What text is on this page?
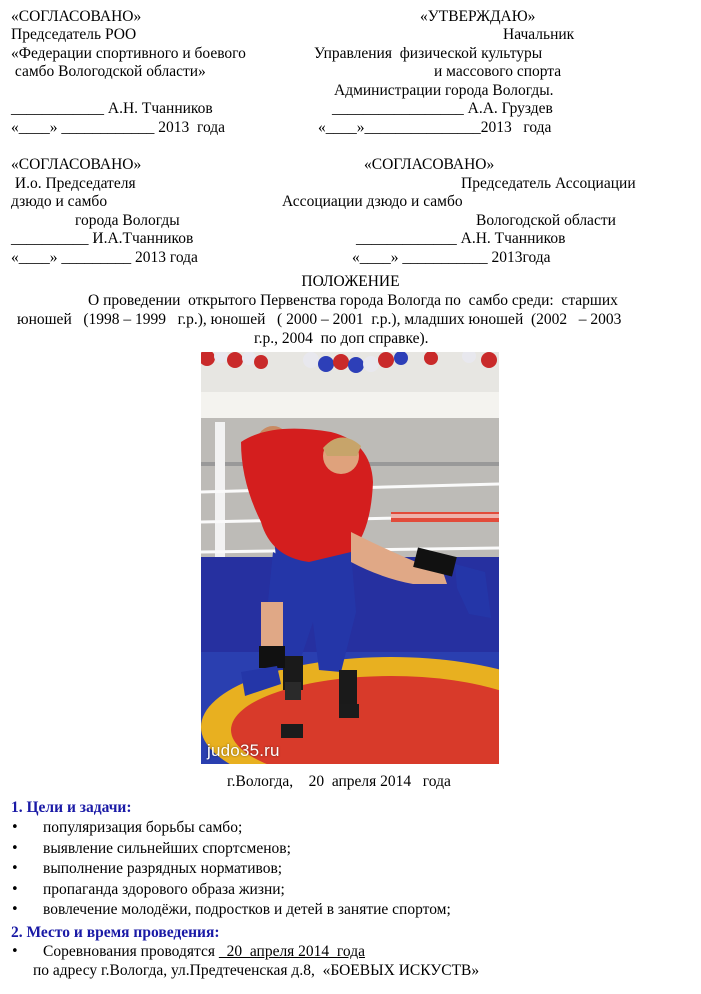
«СОГЛАСОВАНО»
Председатель РОО
«Федерации спортивного и боевого
самбо Вологодской области»
____________ А.Н. Тчанников
«____» ____________ 2013  года
«УТВЕРЖДАЮ»
Начальник
Управления  физической культуры
и массового спорта
Администрации города Вологды.
_________________ А.А. Груздев
«____»_______________2013   года
«СОГЛАСОВАНО»
И.о. Председателя
дзюдо и самбо
города Вологды
__________ И.А.Тчанников
«____» _________ 2013 года
«СОГЛАСОВАНО»
Председатель Ассоциации
Ассоциации дзюдо и самбо
Вологодской области
_____________ А.Н. Тчанников
«____» ___________ 2013года
ПОЛОЖЕНИЕ
О проведении  открытого Первенства города Вологда по  самбо среди:  старших
юношей   (1998 – 1999   г.р.), юношей   ( 2000 – 2001  г.р.), младших юношей  (2002   – 2003
г.р., 2004  по доп справке).
judo35.ru
г.Вологда,    20  апреля 2014   года
1. Цели и задачи:
• популяризация борьбы самбо;
• выявление сильнейших спортсменов;
• выполнение разрядных нормативов;
• пропаганда здорового образа жизни;
• вовлечение молодёжи, подростков и детей в занятие спортом;
2. Место и время проведения:
• Соревнования проводятся   20  апреля 2014  года
по адресу г.Вологда, ул.Предтеченская д.8,  «БОЕВЫХ ИСКУСТВ»
